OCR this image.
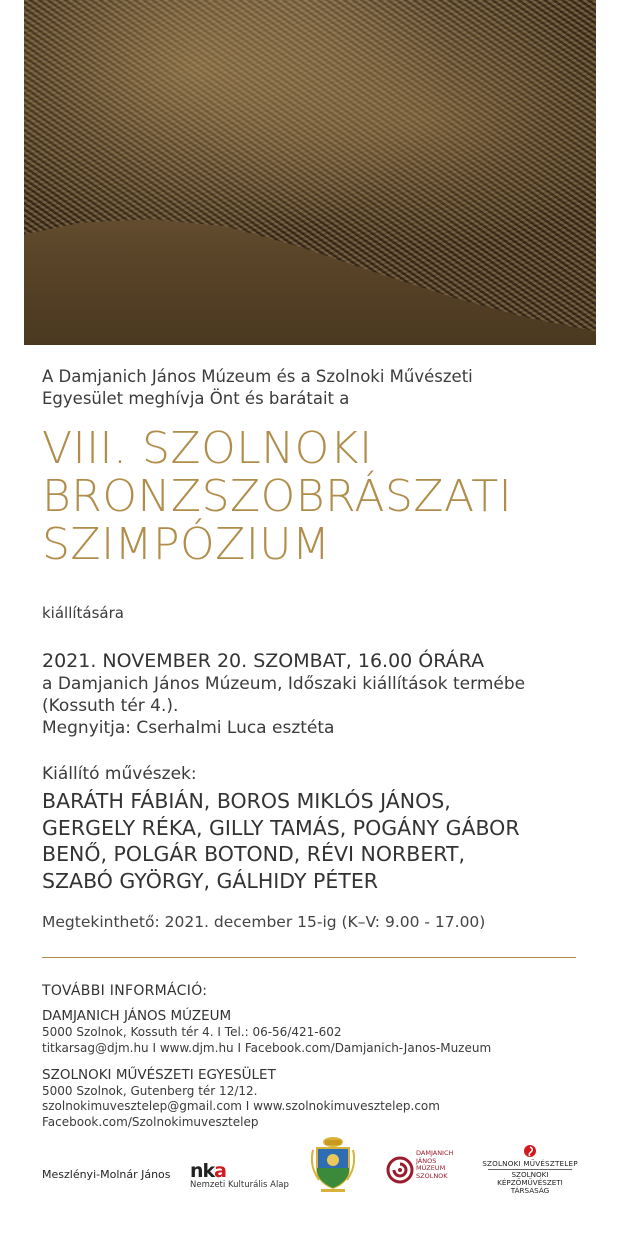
A Damjanich János Múzeum és a Szolnoki Művészeti
Egyesület meghívja Önt és barátait a
VIII. SZOLNOKI
BRONZSZOBRÁSZATI
SZIMPÓZIUM
kiállítására
2021. NOVEMBER 20. SZOMBAT, 16.00 ÓRÁRA
a Damjanich János Múzeum, Időszaki kiállítások termébe
(Kossuth tér 4.).
Megnyitja: Cserhalmi Luca esztéta
Kiállító művészek:
BARÁTH FÁBIÁN, BOROS MIKLÓS JÁNOS,
GERGELY RÉKA, GILLY TAMÁS, POGÁNY GÁBOR
BENŐ, POLGÁR BOTOND, RÉVI NORBERT,
SZABÓ GYÖRGY, GÁLHIDY PÉTER
Megtekinthető: 2021. december 15-ig (K–V: 9.00 - 17.00)
TOVÁBBI INFORMÁCIÓ:
DAMJANICH JÁNOS MÚZEUM
5000 Szolnok, Kossuth tér 4. I Tel.: 06-56/421-602
titkarsag@djm.hu I www.djm.hu I Facebook.com/Damjanich-Janos-Muzeum
SZOLNOKI MŰVÉSZETI EGYESÜLET
5000 Szolnok, Gutenberg tér 12/12.
szolnokimuvesztelep@gmail.com I www.szolnokimuvesztelep.com
Facebook.com/Szolnokimuvesztelep
Meszlényi-Molnár János nka
Nemzeti Kulturális Alap
DAMJANICH
JÁNOS
MÚZEUM
SZOLNOK
SZOLNOKI MŰVÉSZTELEP
SZOLNOKI KÉPZŐMŰVÉSZETI
TÁRSASÁG
